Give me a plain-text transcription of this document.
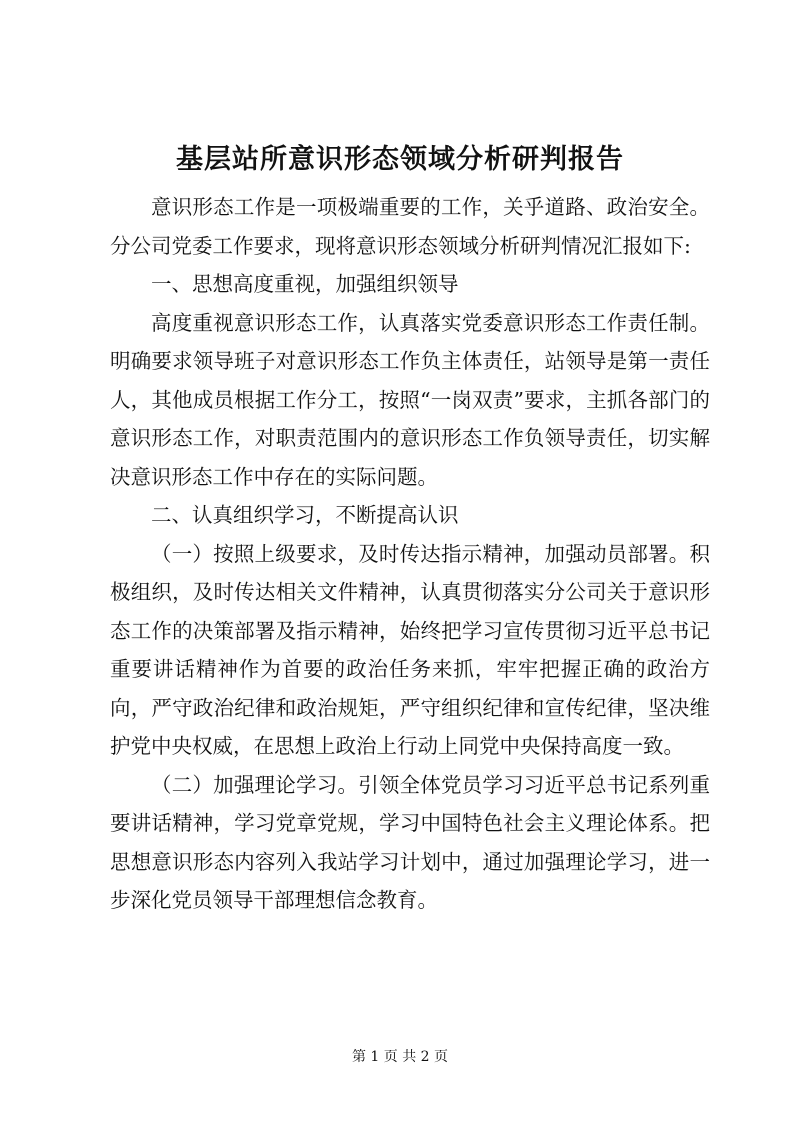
基层站所意识形态领域分析研判报告

意识形态工作是一项极端重要的工作，关乎道路、政治安全。分公司党委工作要求，现将意识形态领域分析研判情况汇报如下:

一、思想高度重视，加强组织领导

高度重视意识形态工作，认真落实党委意识形态工作责任制。明确要求领导班子对意识形态工作负主体责任，站领导是第一责任人，其他成员根据工作分工，按照“一岗双责”要求，主抓各部门的意识形态工作，对职责范围内的意识形态工作负领导责任，切实解决意识形态工作中存在的实际问题。

二、认真组织学习，不断提高认识

（一）按照上级要求，及时传达指示精神，加强动员部署。积极组织，及时传达相关文件精神，认真贯彻落实分公司关于意识形态工作的决策部署及指示精神，始终把学习宣传贯彻习近平总书记重要讲话精神作为首要的政治任务来抓，牢牢把握正确的政治方向，严守政治纪律和政治规矩，严守组织纪律和宣传纪律，坚决维护党中央权威，在思想上政治上行动上同党中央保持高度一致。

（二）加强理论学习。引领全体党员学习习近平总书记系列重要讲话精神，学习党章党规，学习中国特色社会主义理论体系。把思想意识形态内容列入我站学习计划中，通过加强理论学习，进一步深化党员领导干部理想信念教育。

第 1 页 共 2 页
